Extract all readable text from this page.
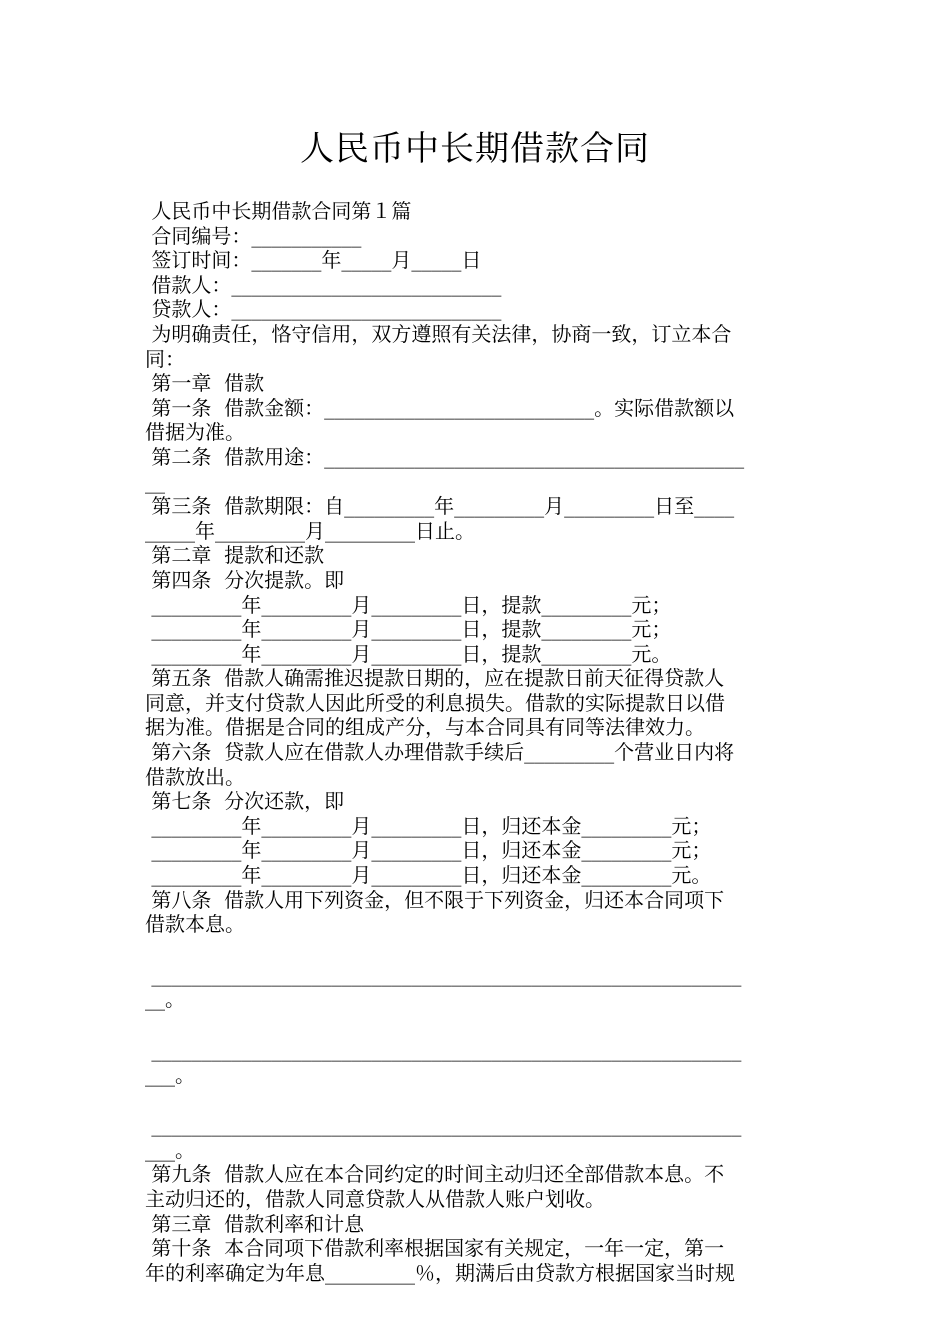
人民币中长期借款合同
人民币中长期借款合同第１篇
合同编号：___________
签订时间：_______年_____月_____日
借款人：___________________________
贷款人：___________________________
为明确责任，恪守信用，双方遵照有关法律，协商一致，订立本合
同：
第一章  借款
第一条  借款金额：___________________________。实际借款额以
借据为准。
第二条  借款用途：__________________________________________
__
第三条  借款期限：自_________年_________月_________日至____
_____年_________月_________日止。
第二章  提款和还款
第四条  分次提款。即
_________年_________月_________日，提款_________元；
_________年_________月_________日，提款_________元；
_________年_________月_________日，提款_________元。
第五条  借款人确需推迟提款日期的，应在提款日前天征得贷款人
同意，并支付贷款人因此所受的利息损失。借款的实际提款日以借
据为准。借据是合同的组成产分，与本合同具有同等法律效力。
第六条  贷款人应在借款人办理借款手续后_________个营业日内将
借款放出。
第七条  分次还款，即
_________年_________月_________日，归还本金_________元；
_________年_________月_________日，归还本金_________元；
_________年_________月_________日，归还本金_________元。
第八条  借款人用下列资金，但不限于下列资金，归还本合同项下
借款本息。
___________________________________________________________
__。
___________________________________________________________
___。
___________________________________________________________
___。
第九条  借款人应在本合同约定的时间主动归还全部借款本息。不
主动归还的，借款人同意贷款人从借款人账户划收。
第三章  借款利率和计息
第十条  本合同项下借款利率根据国家有关规定，一年一定，第一
年的利率确定为年息_________％，期满后由贷款方根据国家当时规
